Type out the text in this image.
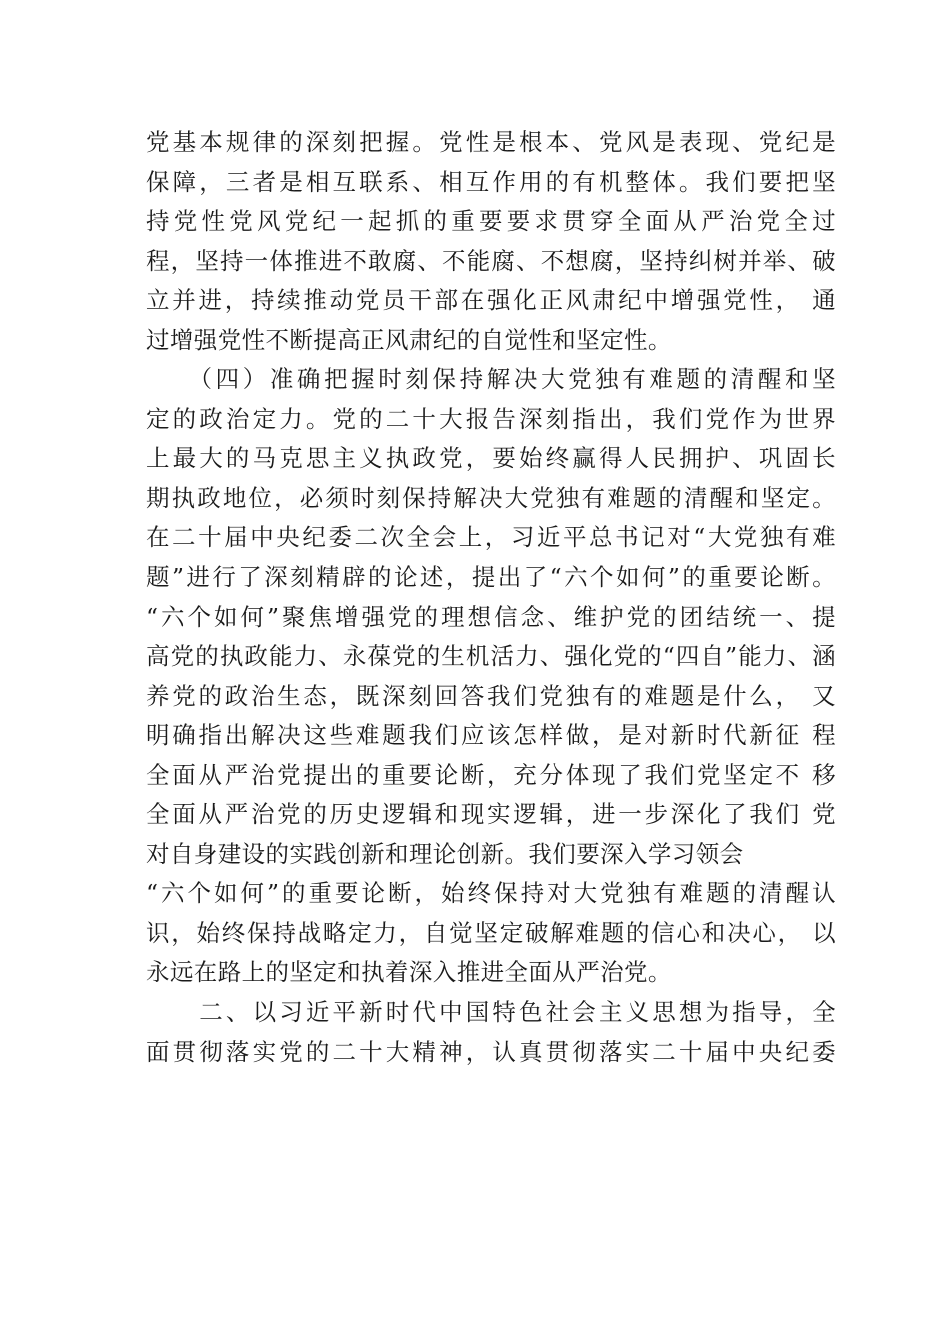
党基本规律的深刻把握。党性是根本、党风是表现、党纪是
保障，三者是相互联系、相互作用的有机整体。我们要把坚
持党性党风党纪一起抓的重要要求贯穿全面从严治党全过
程，坚持一体推进不敢腐、不能腐、不想腐，坚持纠树并举、破
立并进，持续推动党员干部在强化正风肃纪中增强党性， 通
过增强党性不断提高正风肃纪的自觉性和坚定性。
　　（四）准确把握时刻保持解决大党独有难题的清醒和坚
定的政治定力。党的二十大报告深刻指出，我们党作为世界
上最大的马克思主义执政党，要始终赢得人民拥护、巩固长
期执政地位，必须时刻保持解决大党独有难题的清醒和坚定。
在二十届中央纪委二次全会上，习近平总书记对“大党独有难
题”进行了深刻精辟的论述，提出了“六个如何”的重要论断。
“六个如何”聚焦增强党的理想信念、维护党的团结统一、提
高党的执政能力、永葆党的生机活力、强化党的“四自”能力、涵
养党的政治生态，既深刻回答我们党独有的难题是什么， 又
明确指出解决这些难题我们应该怎样做，是对新时代新征 程
全面从严治党提出的重要论断，充分体现了我们党坚定不 移
全面从严治党的历史逻辑和现实逻辑，进一步深化了我们 党
对自身建设的实践创新和理论创新。我们要深入学习领会
“六个如何”的重要论断，始终保持对大党独有难题的清醒认
识，始终保持战略定力，自觉坚定破解难题的信心和决心， 以
永远在路上的坚定和执着深入推进全面从严治党。
　　二、以习近平新时代中国特色社会主义思想为指导，全
面贯彻落实党的二十大精神，认真贯彻落实二十届中央纪委
